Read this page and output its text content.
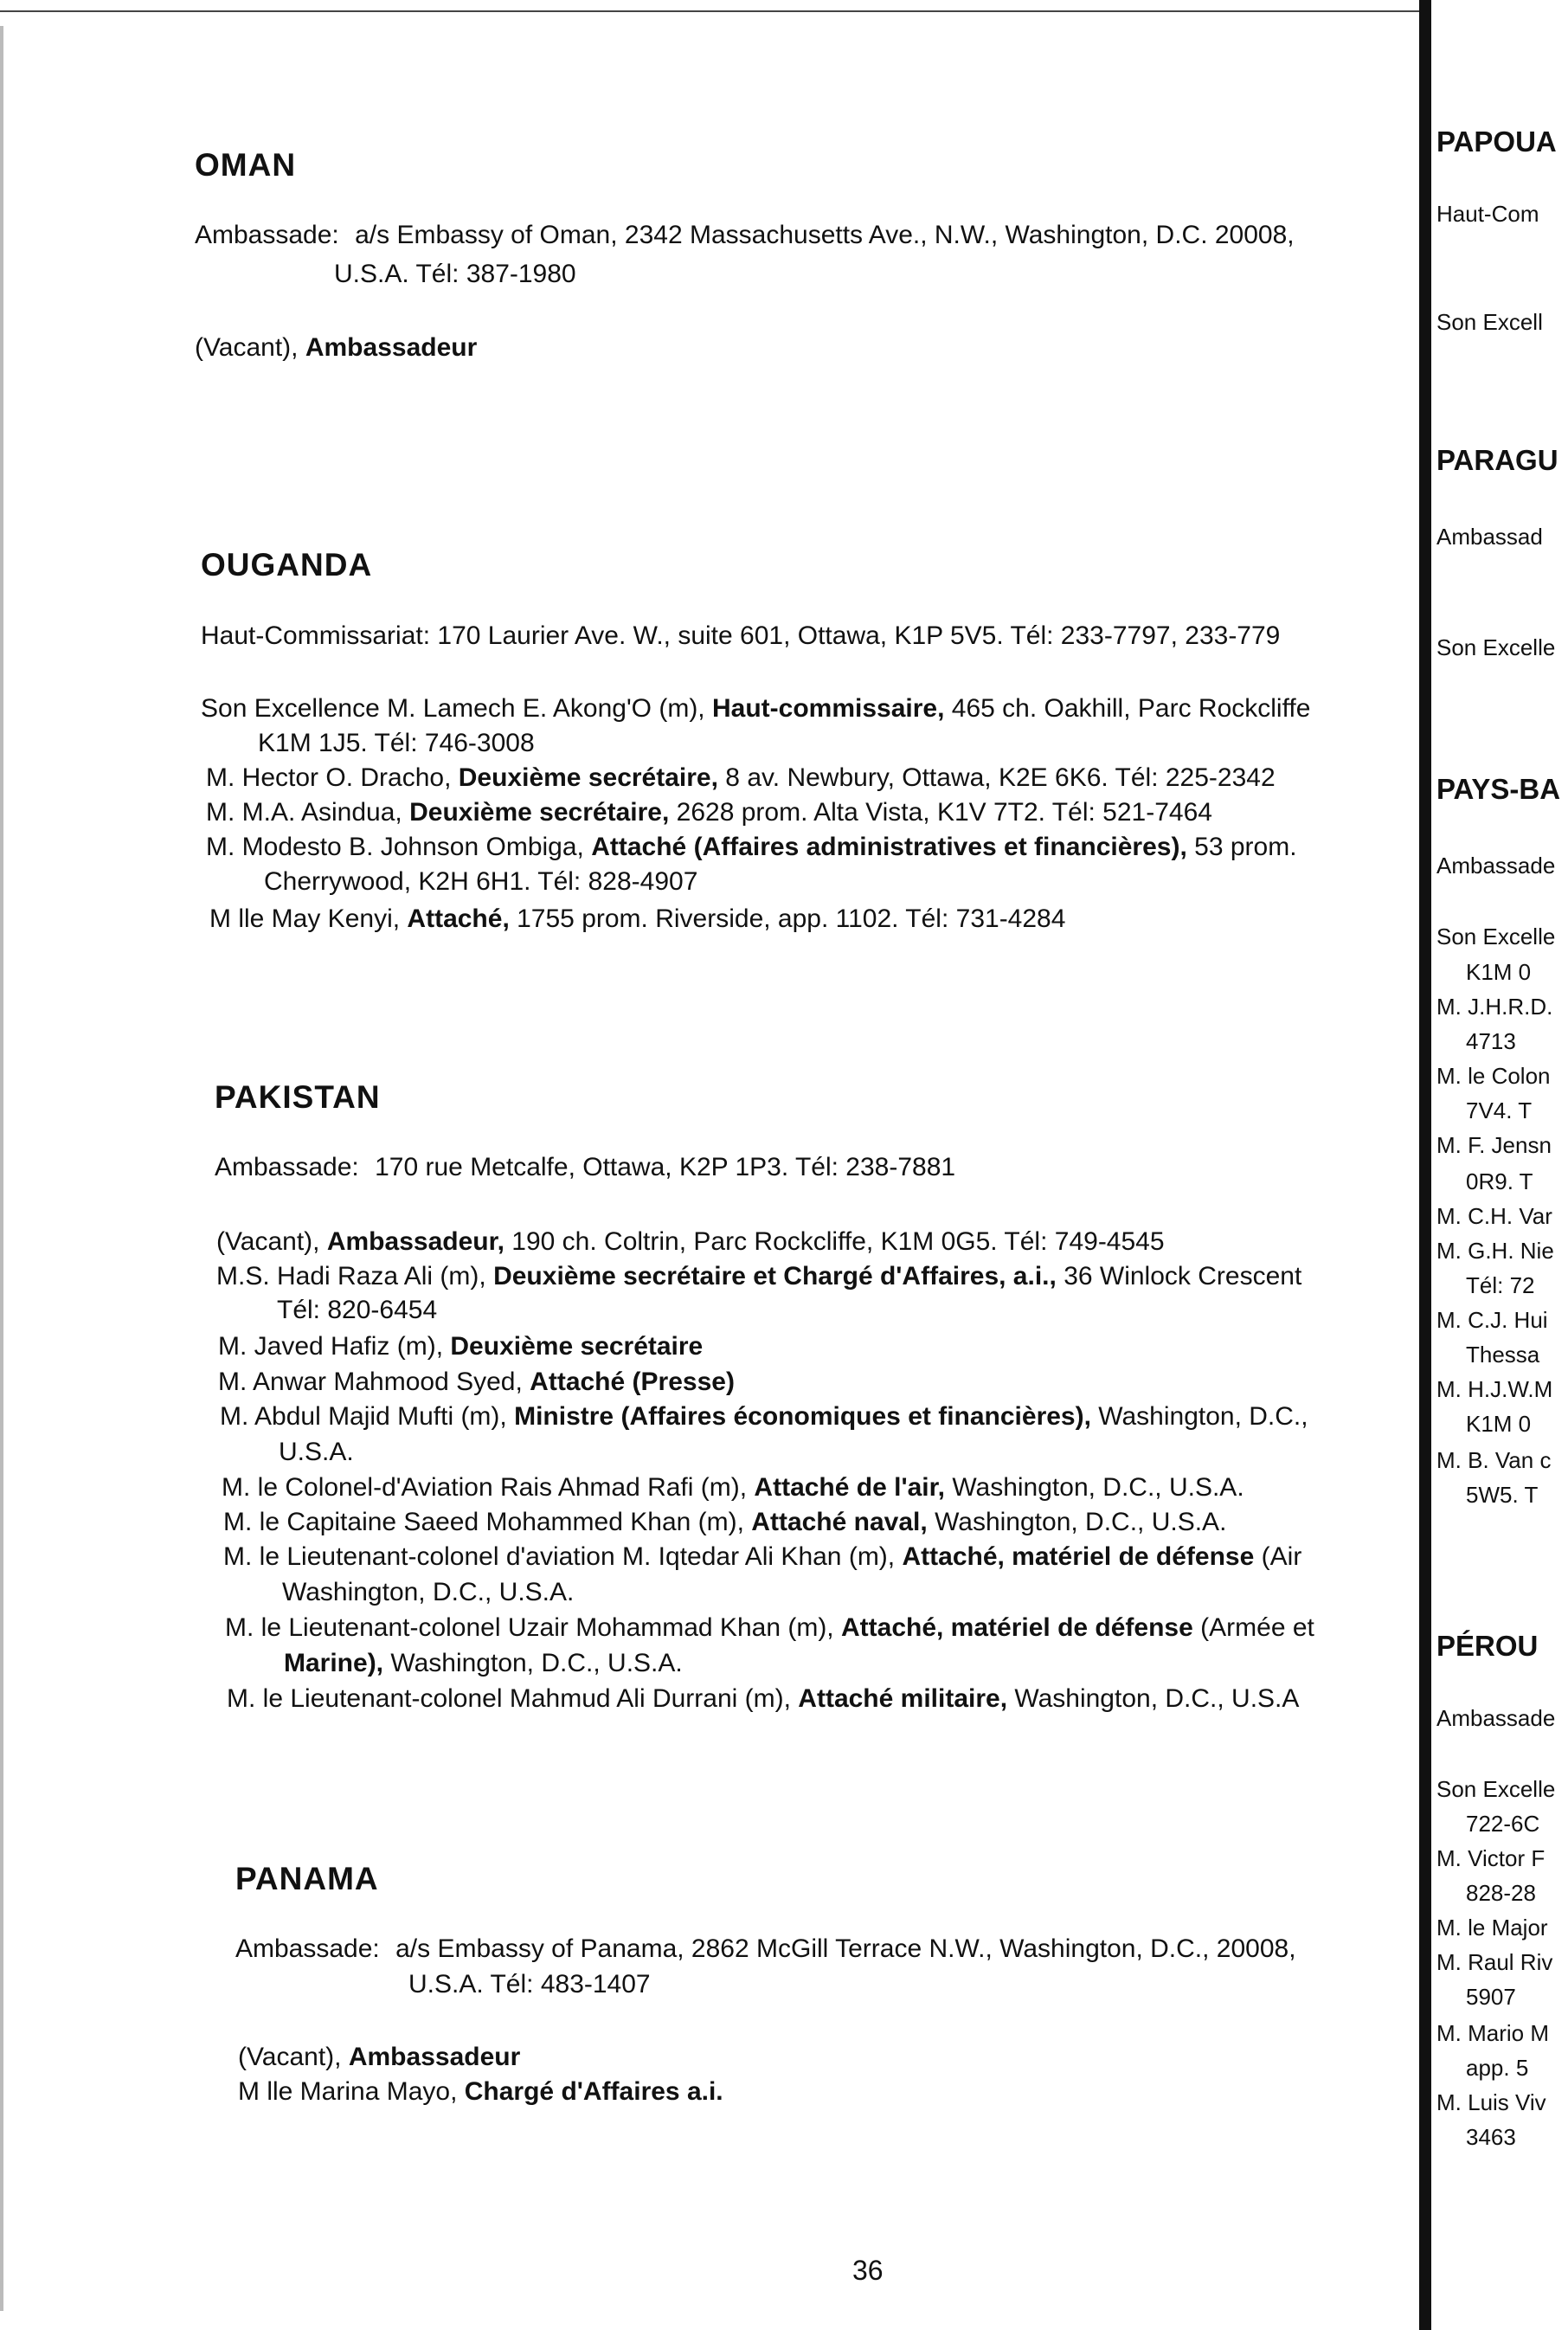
OMAN
Ambassade: a/s Embassy of Oman, 2342 Massachusetts Ave., N.W., Washington, D.C. 20008,
U.S.A. Tél: 387-1980
(Vacant), Ambassadeur
OUGANDA
Haut-Commissariat: 170 Laurier Ave. W., suite 601, Ottawa, K1P 5V5. Tél: 233-7797, 233-779
Son Excellence M. Lamech E. Akong'O (m), Haut-commissaire, 465 ch. Oakhill, Parc Rockcliffe
K1M 1J5. Tél: 746-3008
M. Hector O. Dracho, Deuxième secrétaire, 8 av. Newbury, Ottawa, K2E 6K6. Tél: 225-2342
M. M.A. Asindua, Deuxième secrétaire, 2628 prom. Alta Vista, K1V 7T2. Tél: 521-7464
M. Modesto B. Johnson Ombiga, Attaché (Affaires administratives et financières), 53 prom.
Cherrywood, K2H 6H1. Tél: 828-4907
M lle May Kenyi, Attaché, 1755 prom. Riverside, app. 1102. Tél: 731-4284
PAKISTAN
Ambassade: 170 rue Metcalfe, Ottawa, K2P 1P3. Tél: 238-7881
(Vacant), Ambassadeur, 190 ch. Coltrin, Parc Rockcliffe, K1M 0G5. Tél: 749-4545
M.S. Hadi Raza Ali (m), Deuxième secrétaire et Chargé d'Affaires, a.i., 36 Winlock Crescent
Tél: 820-6454
M. Javed Hafiz (m), Deuxième secrétaire
M. Anwar Mahmood Syed, Attaché (Presse)
M. Abdul Majid Mufti (m), Ministre (Affaires économiques et financières), Washington, D.C.,
U.S.A.
M. le Colonel-d'Aviation Rais Ahmad Rafi (m), Attaché de l'air, Washington, D.C., U.S.A.
M. le Capitaine Saeed Mohammed Khan (m), Attaché naval, Washington, D.C., U.S.A.
M. le Lieutenant-colonel d'aviation M. Iqtedar Ali Khan (m), Attaché, matériel de défense (Air
Washington, D.C., U.S.A.
M. le Lieutenant-colonel Uzair Mohammad Khan (m), Attaché, matériel de défense (Armée et
Marine), Washington, D.C., U.S.A.
M. le Lieutenant-colonel Mahmud Ali Durrani (m), Attaché militaire, Washington, D.C., U.S.A
PANAMA
Ambassade: a/s Embassy of Panama, 2862 McGill Terrace N.W., Washington, D.C., 20008,
U.S.A. Tél: 483-1407
(Vacant), Ambassadeur
M lle Marina Mayo, Chargé d'Affaires a.i.
36
PAPOUA
Haut-Com
Son Excell
PARAGU
Ambassad
Son Excelle
PAYS-BA
Ambassade
Son Excelle
K1M 0
M. J.H.R.D.
4713
M. le Colon
7V4. T
M. F. Jensn
0R9. T
M. C.H. Var
M. G.H. Nie
Tél: 72
M. C.J. Hui
Thessa
M. H.J.W.M
K1M 0
M. B. Van c
5W5. T
PÉROU
Ambassade
Son Excelle
722-6C
M. Victor F
828-28
M. le Major
M. Raul Riv
5907
M. Mario M
app. 5
M. Luis Viv
3463
